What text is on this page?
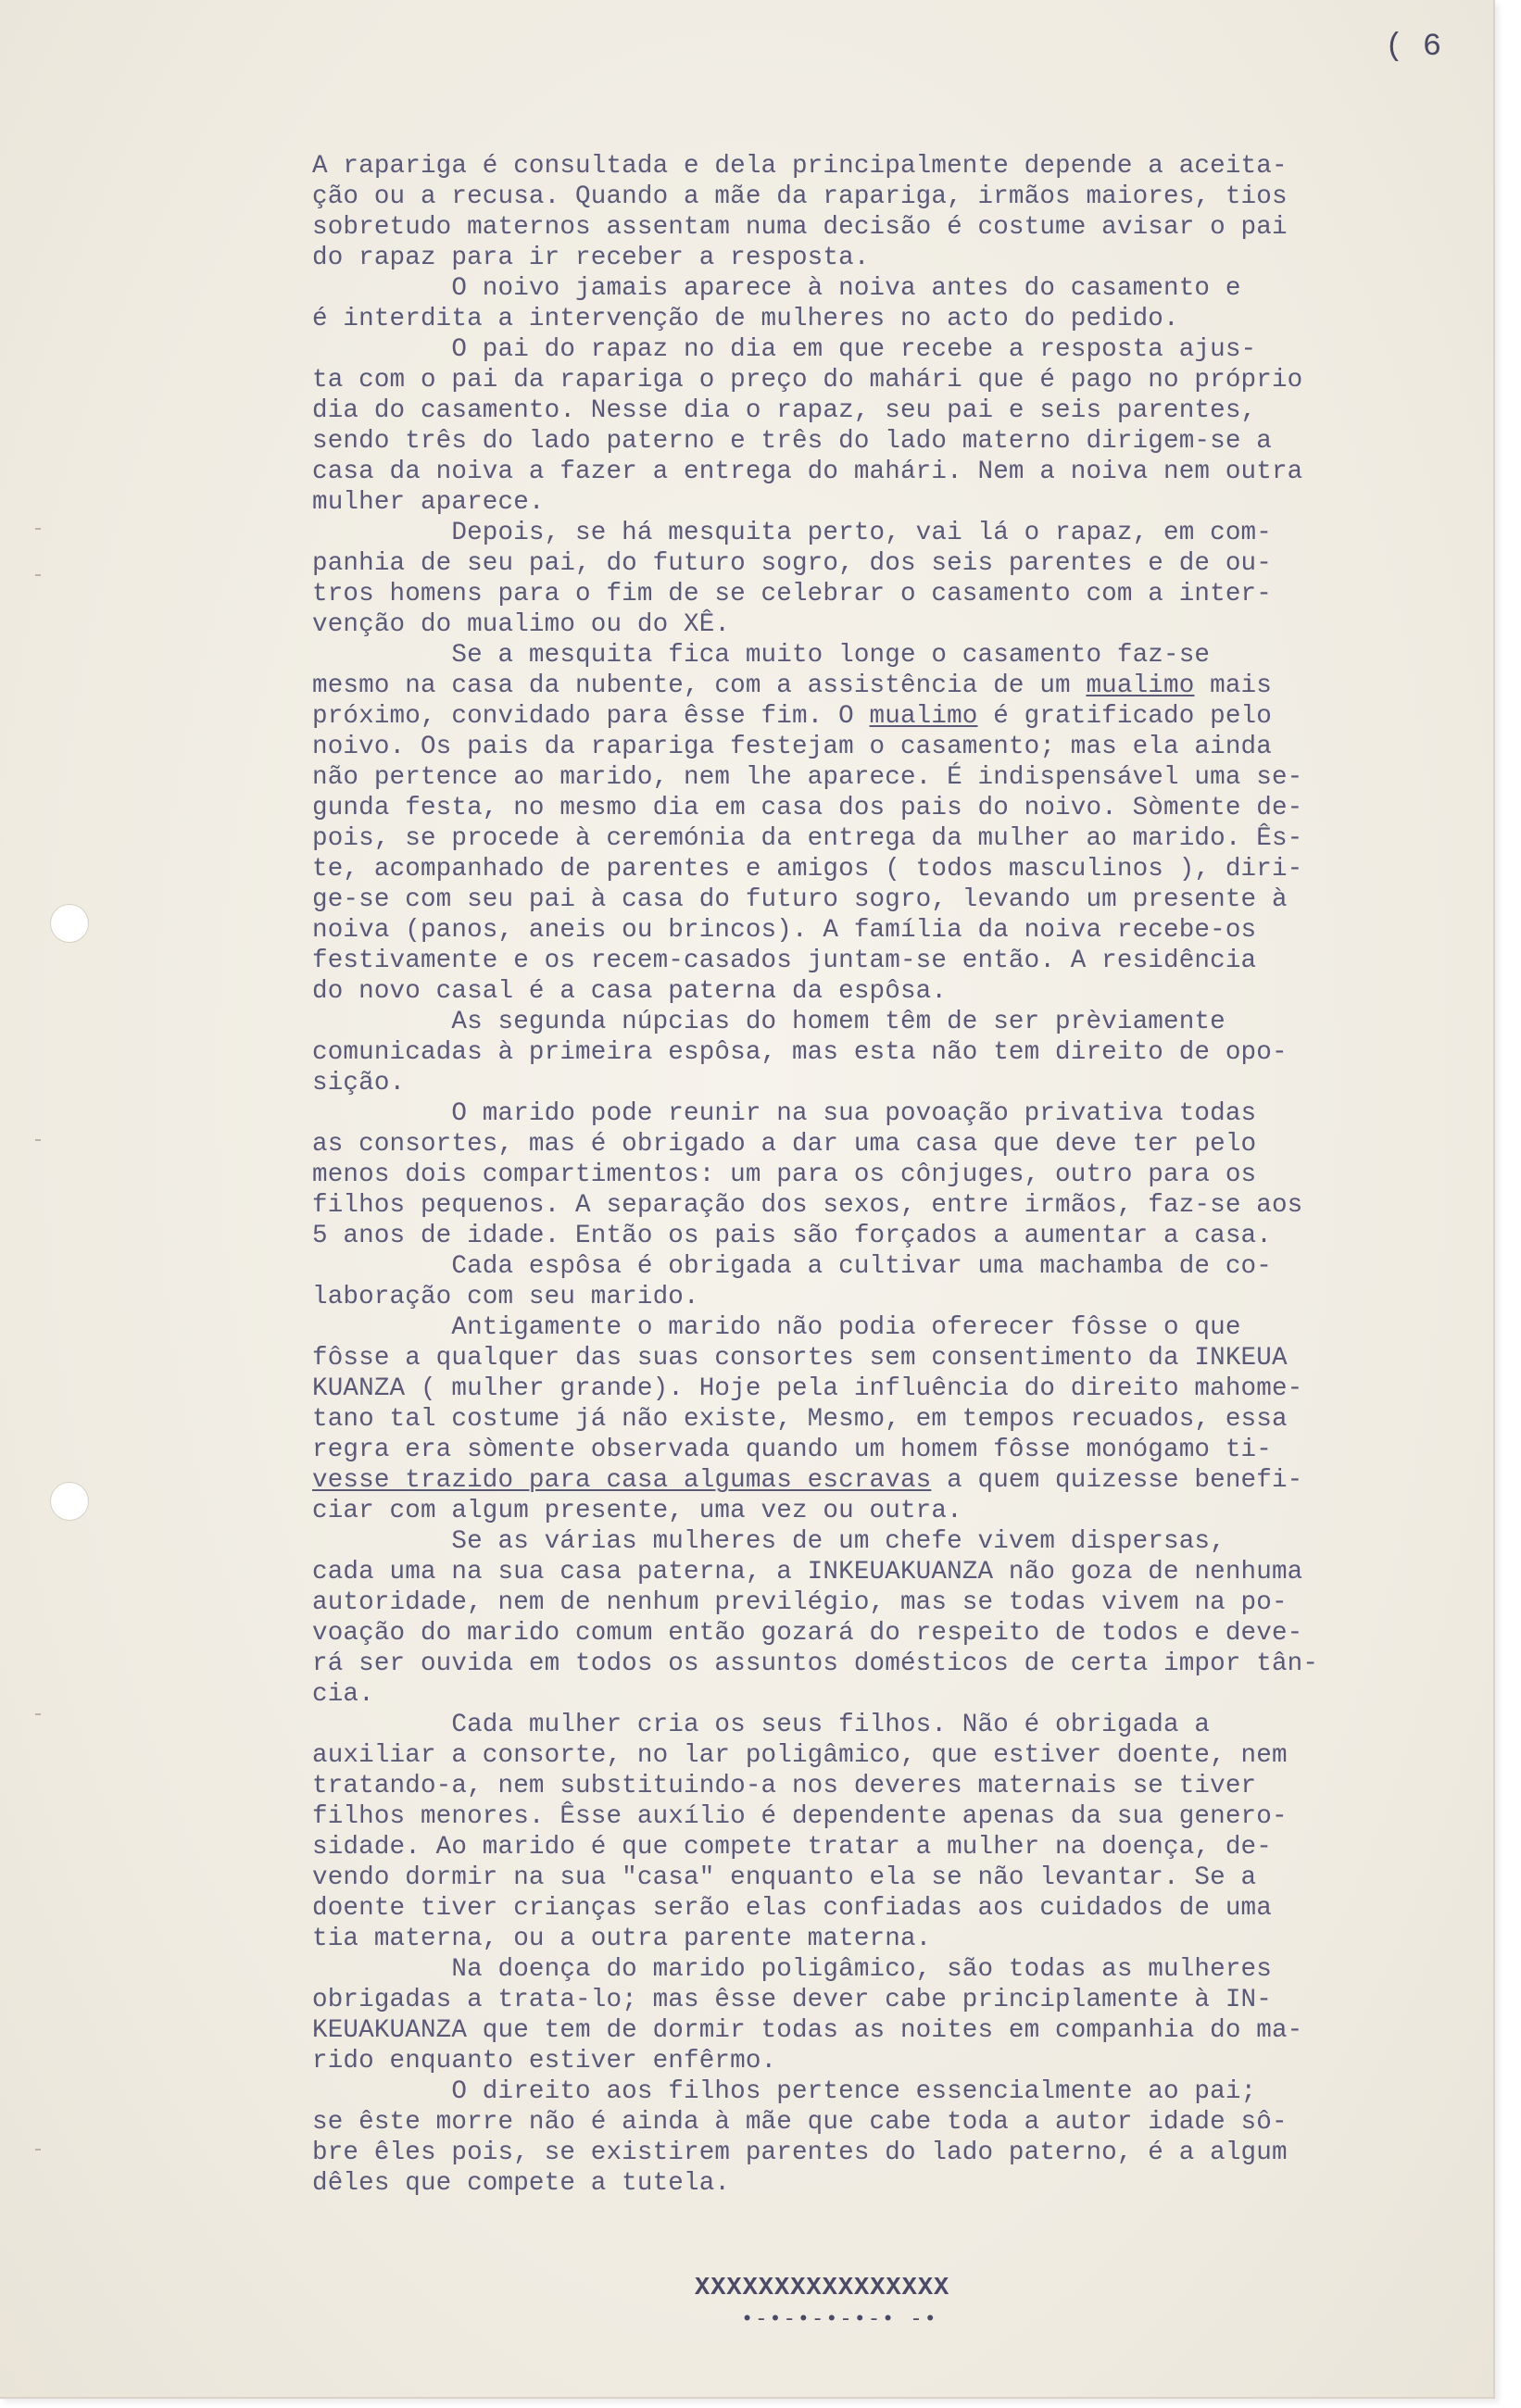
( 6
A rapariga é consultada e dela principalmente depende a aceita-
ção ou a recusa. Quando a mãe da rapariga, irmãos maiores, tios
sobretudo maternos assentam numa decisão é costume avisar o pai
do rapaz para ir receber a resposta.
O noivo jamais aparece à noiva antes do casamento e
é interdita a intervenção de mulheres no acto do pedido.
O pai do rapaz no dia em que recebe a resposta ajus-
ta com o pai da rapariga o preço do mahári que é pago no próprio
dia do casamento. Nesse dia o rapaz, seu pai e seis parentes,
sendo três do lado paterno e três do lado materno dirigem-se a
casa da noiva a fazer a entrega do mahári. Nem a noiva nem outra
mulher aparece.
Depois, se há mesquita perto, vai lá o rapaz, em com-
panhia de seu pai, do futuro sogro, dos seis parentes e de ou-
tros homens para o fim de se celebrar o casamento com a inter-
venção do mualimo ou do XÊ.
Se a mesquita fica muito longe o casamento faz-se
mesmo na casa da nubente, com a assistência de um mualimo mais
próximo, convidado para êsse fim. O mualimo é gratificado pelo
noivo. Os pais da rapariga festejam o casamento; mas ela ainda
não pertence ao marido, nem lhe aparece. É indispensável uma se-
gunda festa, no mesmo dia em casa dos pais do noivo. Sòmente de-
pois, se procede à ceremónia da entrega da mulher ao marido. Ês-
te, acompanhado de parentes e amigos ( todos masculinos ), diri-
ge-se com seu pai à casa do futuro sogro, levando um presente à
noiva (panos, aneis ou brincos). A família da noiva recebe-os
festivamente e os recem-casados juntam-se então. A residência
do novo casal é a casa paterna da espôsa.
As segunda núpcias do homem têm de ser prèviamente
comunicadas à primeira espôsa, mas esta não tem direito de opo-
sição.
O marido pode reunir na sua povoação privativa todas
as consortes, mas é obrigado a dar uma casa que deve ter pelo
menos dois compartimentos: um para os cônjuges, outro para os
filhos pequenos. A separação dos sexos, entre irmãos, faz-se aos
5 anos de idade. Então os pais são forçados a aumentar a casa.
Cada espôsa é obrigada a cultivar uma machamba de co-
laboração com seu marido.
Antigamente o marido não podia oferecer fôsse o que
fôsse a qualquer das suas consortes sem consentimento da INKEUA
KUANZA ( mulher grande). Hoje pela influência do direito mahome-
tano tal costume já não existe, Mesmo, em tempos recuados, essa
regra era sòmente observada quando um homem fôsse monógamo ti-
vesse trazido para casa algumas escravas a quem quizesse benefi-
ciar com algum presente, uma vez ou outra.
Se as várias mulheres de um chefe vivem dispersas,
cada uma na sua casa paterna, a INKEUAKUANZA não goza de nenhuma
autoridade, nem de nenhum previlégio, mas se todas vivem na po-
voação do marido comum então gozará do respeito de todos e deve-
rá ser ouvida em todos os assuntos domésticos de certa impor tân-
cia.
Cada mulher cria os seus filhos. Não é obrigada a
auxiliar a consorte, no lar poligâmico, que estiver doente, nem
tratando-a, nem substituindo-a nos deveres maternais se tiver
filhos menores. Êsse auxílio é dependente apenas da sua genero-
sidade. Ao marido é que compete tratar a mulher na doença, de-
vendo dormir na sua "casa" enquanto ela se não levantar. Se a
doente tiver crianças serão elas confiadas aos cuidados de uma
tia materna, ou a outra parente materna.
Na doença do marido poligâmico, são todas as mulheres
obrigadas a trata-lo; mas êsse dever cabe principlamente à IN-
KEUAKUANZA que tem de dormir todas as noites em companhia do ma-
rido enquanto estiver enfêrmo.
O direito aos filhos pertence essencialmente ao pai;
se êste morre não é ainda à mãe que cabe toda a autor idade sô-
bre êles pois, se existirem parentes do lado paterno, é a algum
dêles que compete a tutela.
XXXXXXXXXXXXXXXX
•-•-•-•-•-• -•
